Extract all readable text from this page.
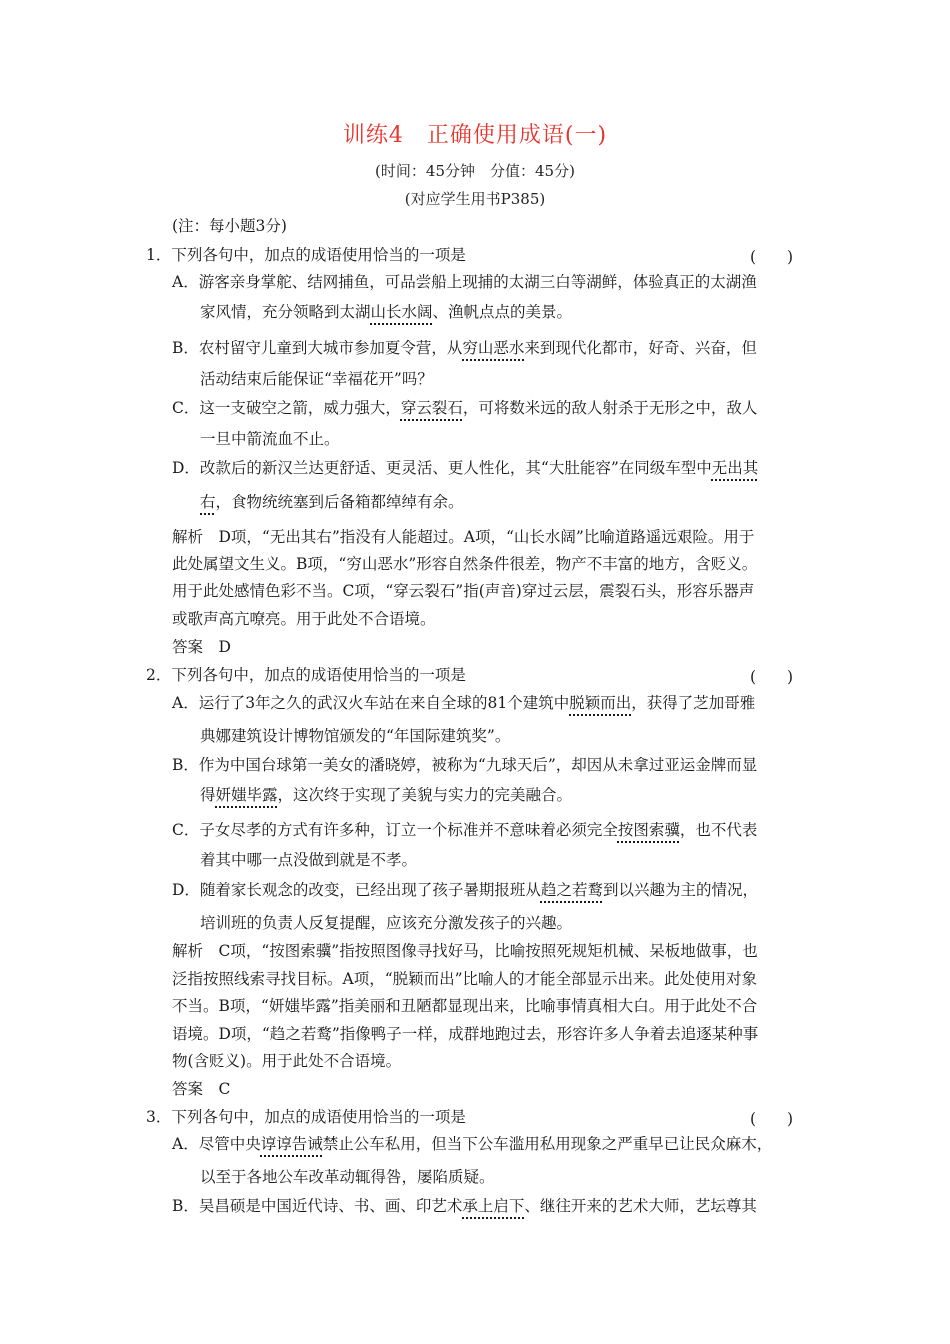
训练4　正确使用成语(一)
(时间：45分钟　分值：45分)
(对应学生用书P385)
(注：每小题3分)
1．下列各句中，加点的成语使用恰当的一项是	(　　)
A．游客亲身掌舵、结网捕鱼，可品尝船上现捕的太湖三白等湖鲜，体验真正的太湖渔
家风情，充分领略到太湖山长水阔、渔帆点点的美景。
B．农村留守儿童到大城市参加夏令营，从穷山恶水来到现代化都市，好奇、兴奋，但
活动结束后能保证“幸福花开”吗？
C．这一支破空之箭，威力强大，穿云裂石，可将数米远的敌人射杀于无形之中，敌人
一旦中箭流血不止。
D．改款后的新汉兰达更舒适、更灵活、更人性化，其“大肚能容”在同级车型中无出其
右，食物统统塞到后备箱都绰绰有余。
解析　D项，“无出其右”指没有人能超过。A项，“山长水阔”比喻道路遥远艰险。用于
此处属望文生义。B项，“穷山恶水”形容自然条件很差，物产不丰富的地方，含贬义。
用于此处感情色彩不当。C项，“穿云裂石”指(声音)穿过云层，震裂石头，形容乐器声
或歌声高亢嘹亮。用于此处不合语境。
答案　D
2．下列各句中，加点的成语使用恰当的一项是	(　　)
A．运行了3年之久的武汉火车站在来自全球的81个建筑中脱颖而出，获得了芝加哥雅
典娜建筑设计博物馆颁发的“年国际建筑奖”。
B．作为中国台球第一美女的潘晓婷，被称为“九球天后”，却因从未拿过亚运金牌而显
得妍媸毕露，这次终于实现了美貌与实力的完美融合。
C．子女尽孝的方式有许多种，订立一个标准并不意味着必须完全按图索骥，也不代表
着其中哪一点没做到就是不孝。
D．随着家长观念的改变，已经出现了孩子暑期报班从趋之若鹜到以兴趣为主的情况，
培训班的负责人反复提醒，应该充分激发孩子的兴趣。
解析　C项，“按图索骥”指按照图像寻找好马，比喻按照死规矩机械、呆板地做事，也
泛指按照线索寻找目标。A项，“脱颖而出”比喻人的才能全部显示出来。此处使用对象
不当。B项，“妍媸毕露”指美丽和丑陋都显现出来，比喻事情真相大白。用于此处不合
语境。D项，“趋之若鹜”指像鸭子一样，成群地跑过去，形容许多人争着去追逐某种事
物(含贬义)。用于此处不合语境。
答案　C
3．下列各句中，加点的成语使用恰当的一项是	(　　)
A．尽管中央谆谆告诫禁止公车私用，但当下公车滥用私用现象之严重早已让民众麻木，
以至于各地公车改革动辄得咎，屡陷质疑。
B．吴昌硕是中国近代诗、书、画、印艺术承上启下、继往开来的艺术大师，艺坛尊其
